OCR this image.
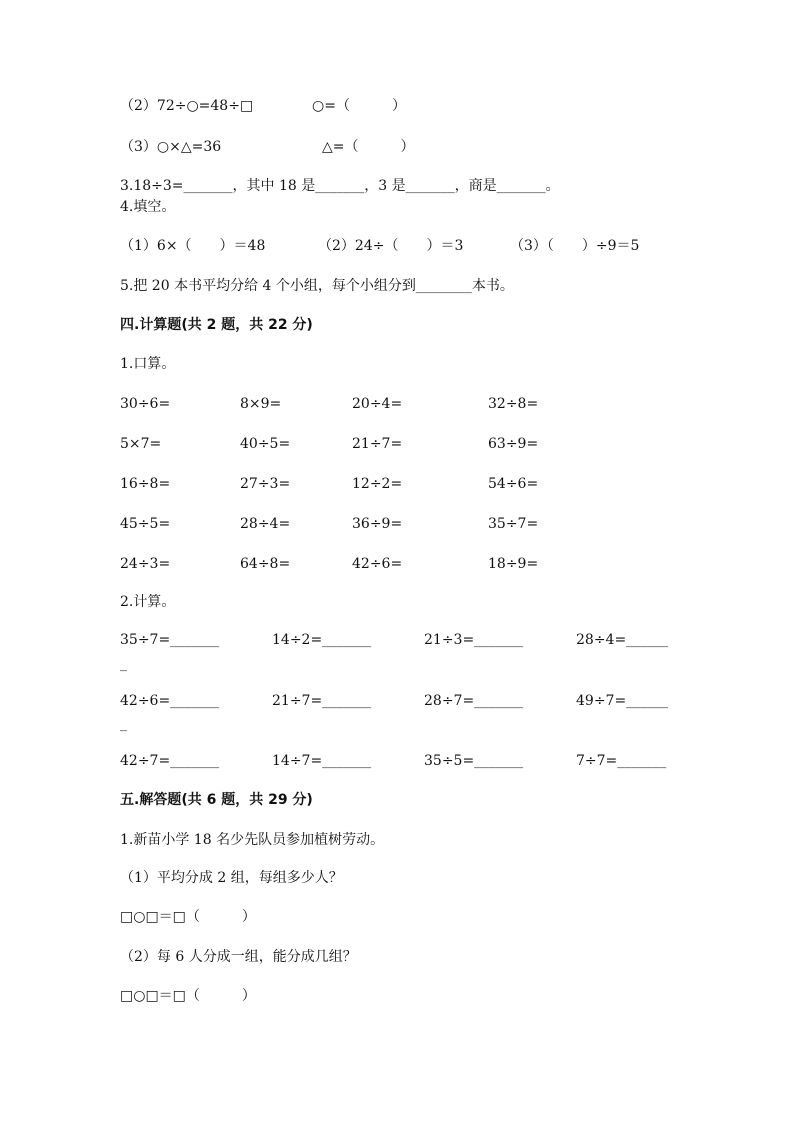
（2）72÷○=48÷□	○=（　　　）
（3）○×△=36	△=（　　　）
3.18÷3=_______，其中 18 是_______，3 是_______，商是_______。
4.填空。
（1）6×（　　）＝48	（2）24÷（　　）＝3	（3）（　　）÷9＝5
5.把 20 本书平均分给 4 个小组，每个小组分到________本书。
四.计算题(共 2 题，共 22 分)
1.口算。
30÷6=	8×9=	20÷4=	32÷8=
5×7=	40÷5=	21÷7=	63÷9=
16÷8=	27÷3=	12÷2=	54÷6=
45÷5=	28÷4=	36÷9=	35÷7=
24÷3=	64÷8=	42÷6=	18÷9=
2.计算。
35÷7=_______	14÷2=_______	21÷3=_______	28÷4=______
42÷6=_______	21÷7=_______	28÷7=_______	49÷7=______
42÷7=_______	14÷7=_______	35÷5=_______	7÷7=_______
_
_
五.解答题(共 6 题，共 29 分)
1.新苗小学 18 名少先队员参加植树劳动。
（1）平均分成 2 组，每组多少人？
□○□＝□（　　　）
（2）每 6 人分成一组，能分成几组？
□○□＝□（　　　）
